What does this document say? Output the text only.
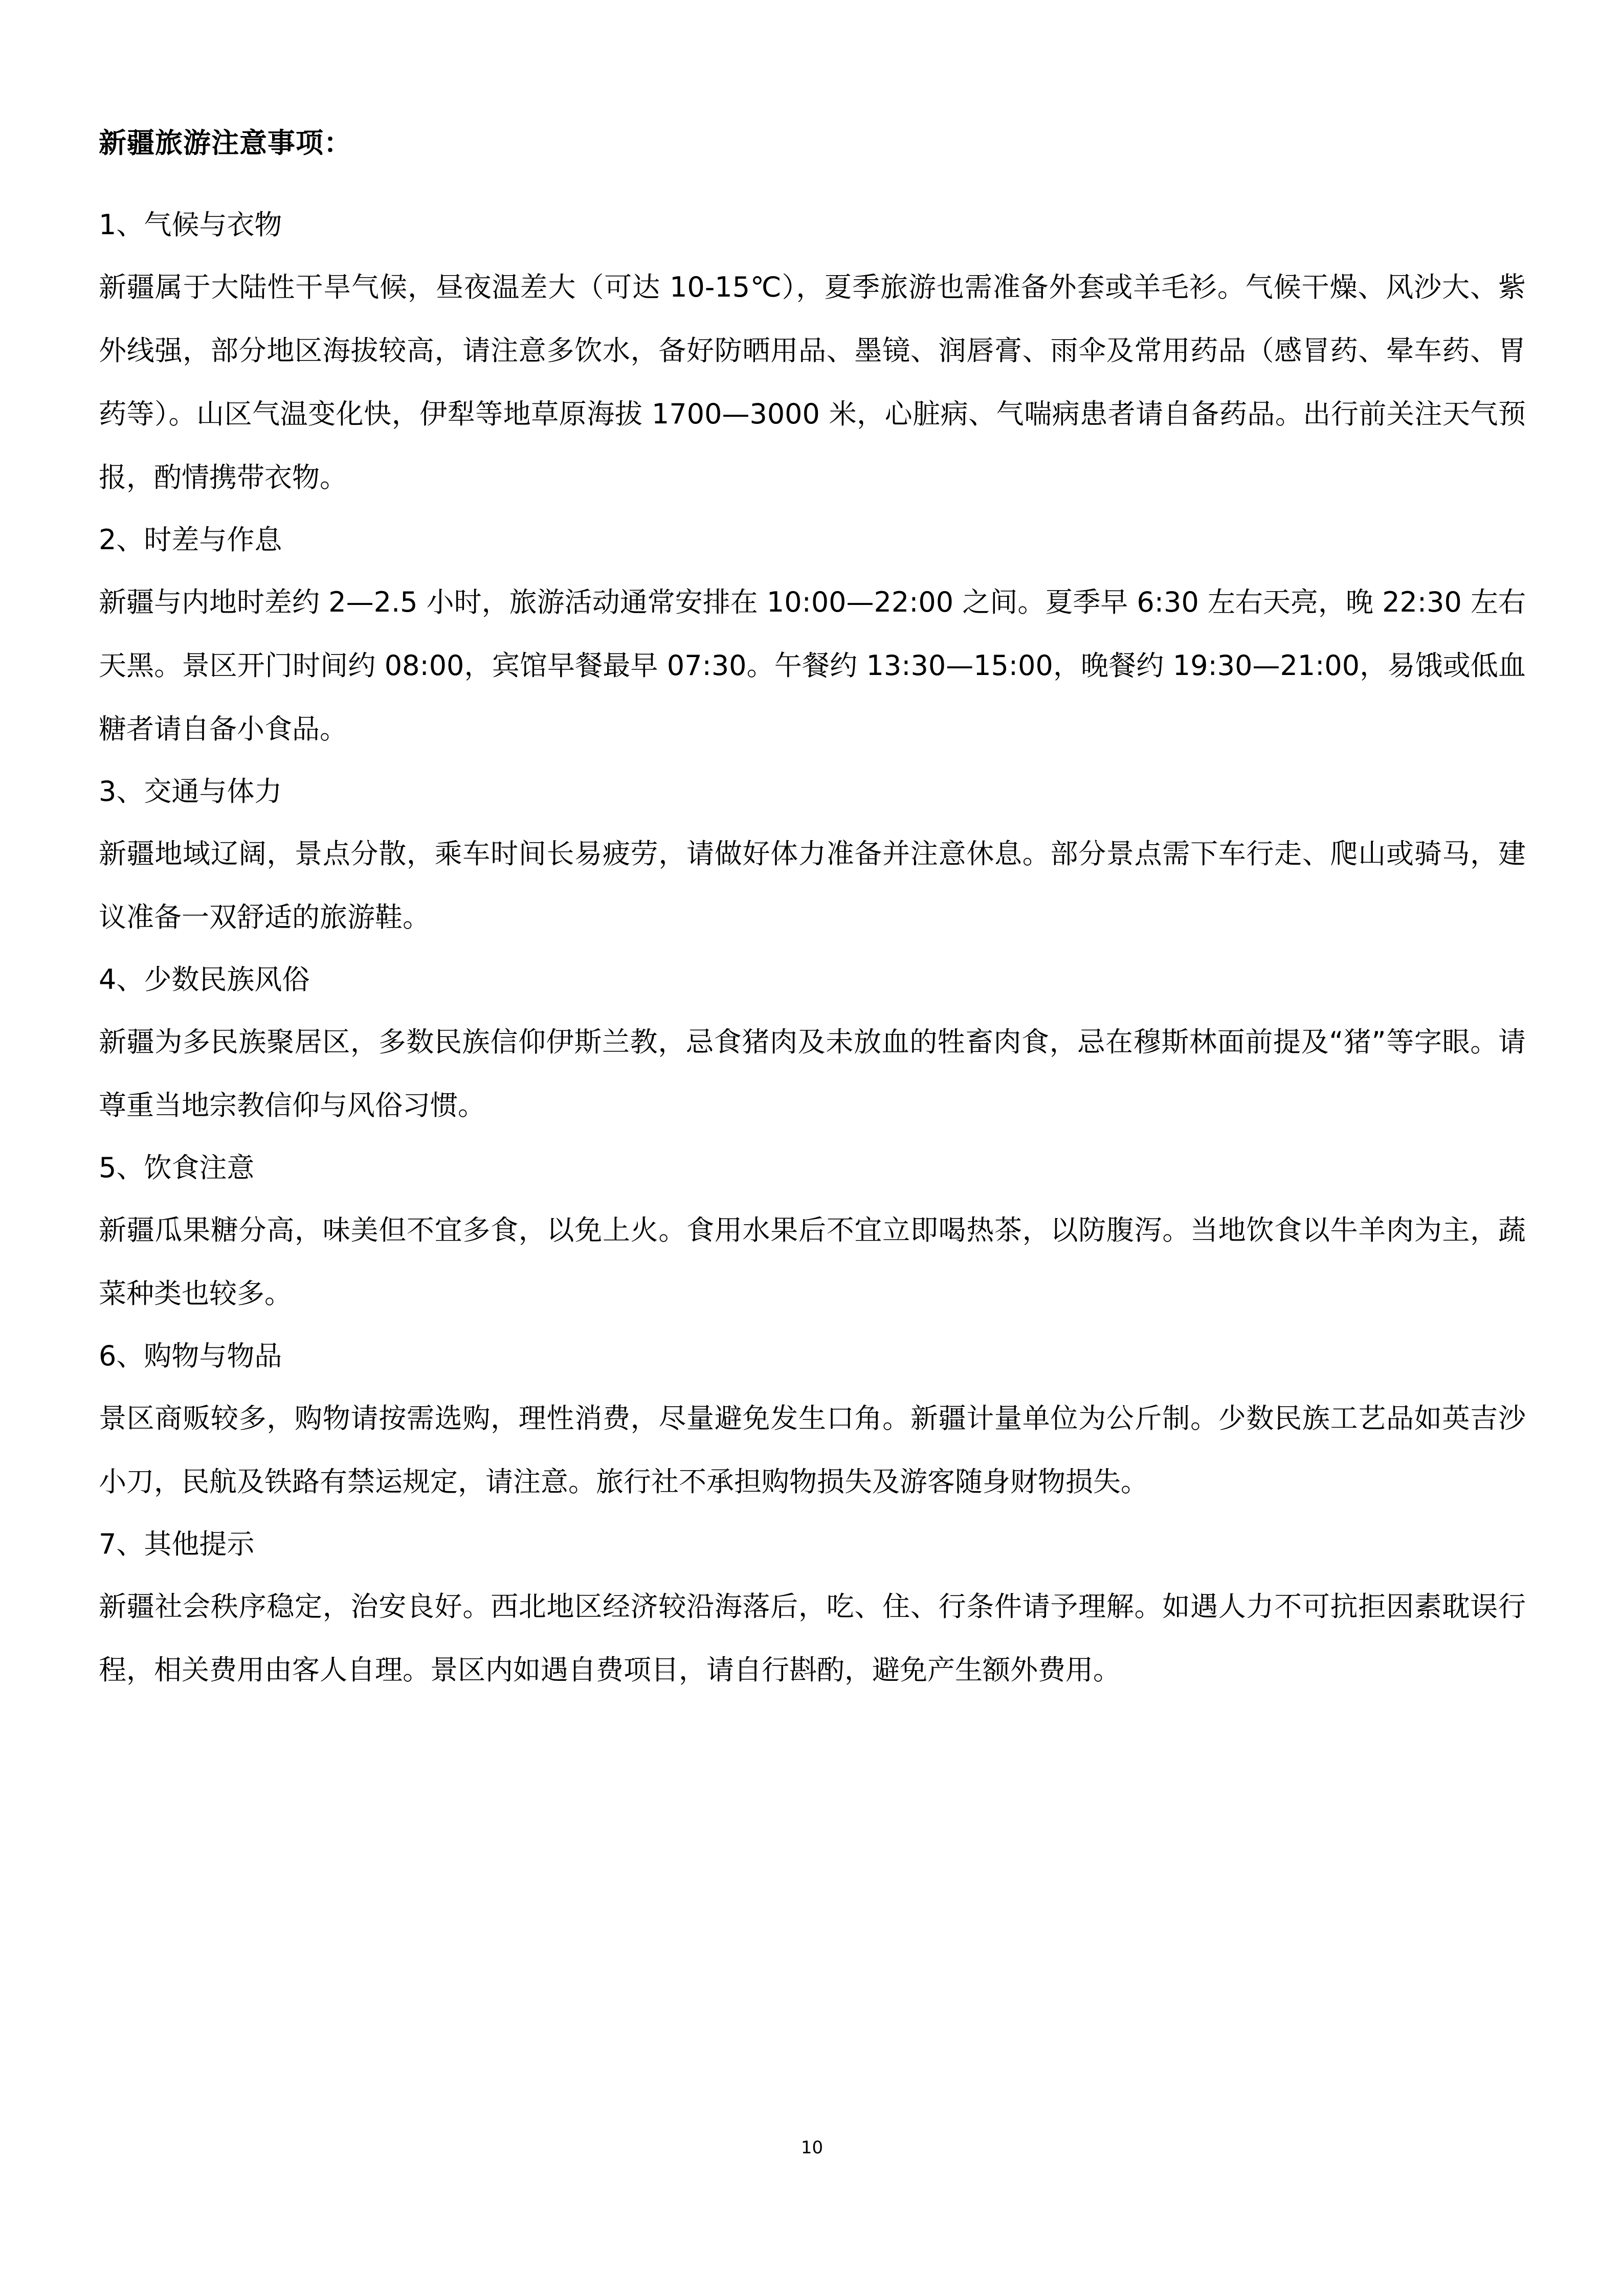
新疆旅游注意事项：
1、气候与衣物
新疆属于大陆性干旱气候，昼夜温差大（可达 10-15℃），夏季旅游也需准备外套或羊毛衫。气候干燥、风沙大、紫外线强，部分地区海拔较高，请注意多饮水，备好防晒用品、墨镜、润唇膏、雨伞及常用药品（感冒药、晕车药、胃药等）。山区气温变化快，伊犁等地草原海拔 1700—3000 米，心脏病、气喘病患者请自备药品。出行前关注天气预报，酌情携带衣物。
2、时差与作息
新疆与内地时差约 2—2.5 小时，旅游活动通常安排在 10:00—22:00 之间。夏季早 6:30 左右天亮，晚 22:30 左右天黑。景区开门时间约 08:00，宾馆早餐最早 07:30。午餐约 13:30—15:00，晚餐约 19:30—21:00，易饿或低血糖者请自备小食品。
3、交通与体力
新疆地域辽阔，景点分散，乘车时间长易疲劳，请做好体力准备并注意休息。部分景点需下车行走、爬山或骑马，建议准备一双舒适的旅游鞋。
4、少数民族风俗
新疆为多民族聚居区，多数民族信仰伊斯兰教，忌食猪肉及未放血的牲畜肉食，忌在穆斯林面前提及“猪”等字眼。请尊重当地宗教信仰与风俗习惯。
5、饮食注意
新疆瓜果糖分高，味美但不宜多食，以免上火。食用水果后不宜立即喝热茶，以防腹泻。当地饮食以牛羊肉为主，蔬菜种类也较多。
6、购物与物品
景区商贩较多，购物请按需选购，理性消费，尽量避免发生口角。新疆计量单位为公斤制。少数民族工艺品如英吉沙小刀，民航及铁路有禁运规定，请注意。旅行社不承担购物损失及游客随身财物损失。
7、其他提示
新疆社会秩序稳定，治安良好。西北地区经济较沿海落后，吃、住、行条件请予理解。如遇人力不可抗拒因素耽误行程，相关费用由客人自理。景区内如遇自费项目，请自行斟酌，避免产生额外费用。
10
